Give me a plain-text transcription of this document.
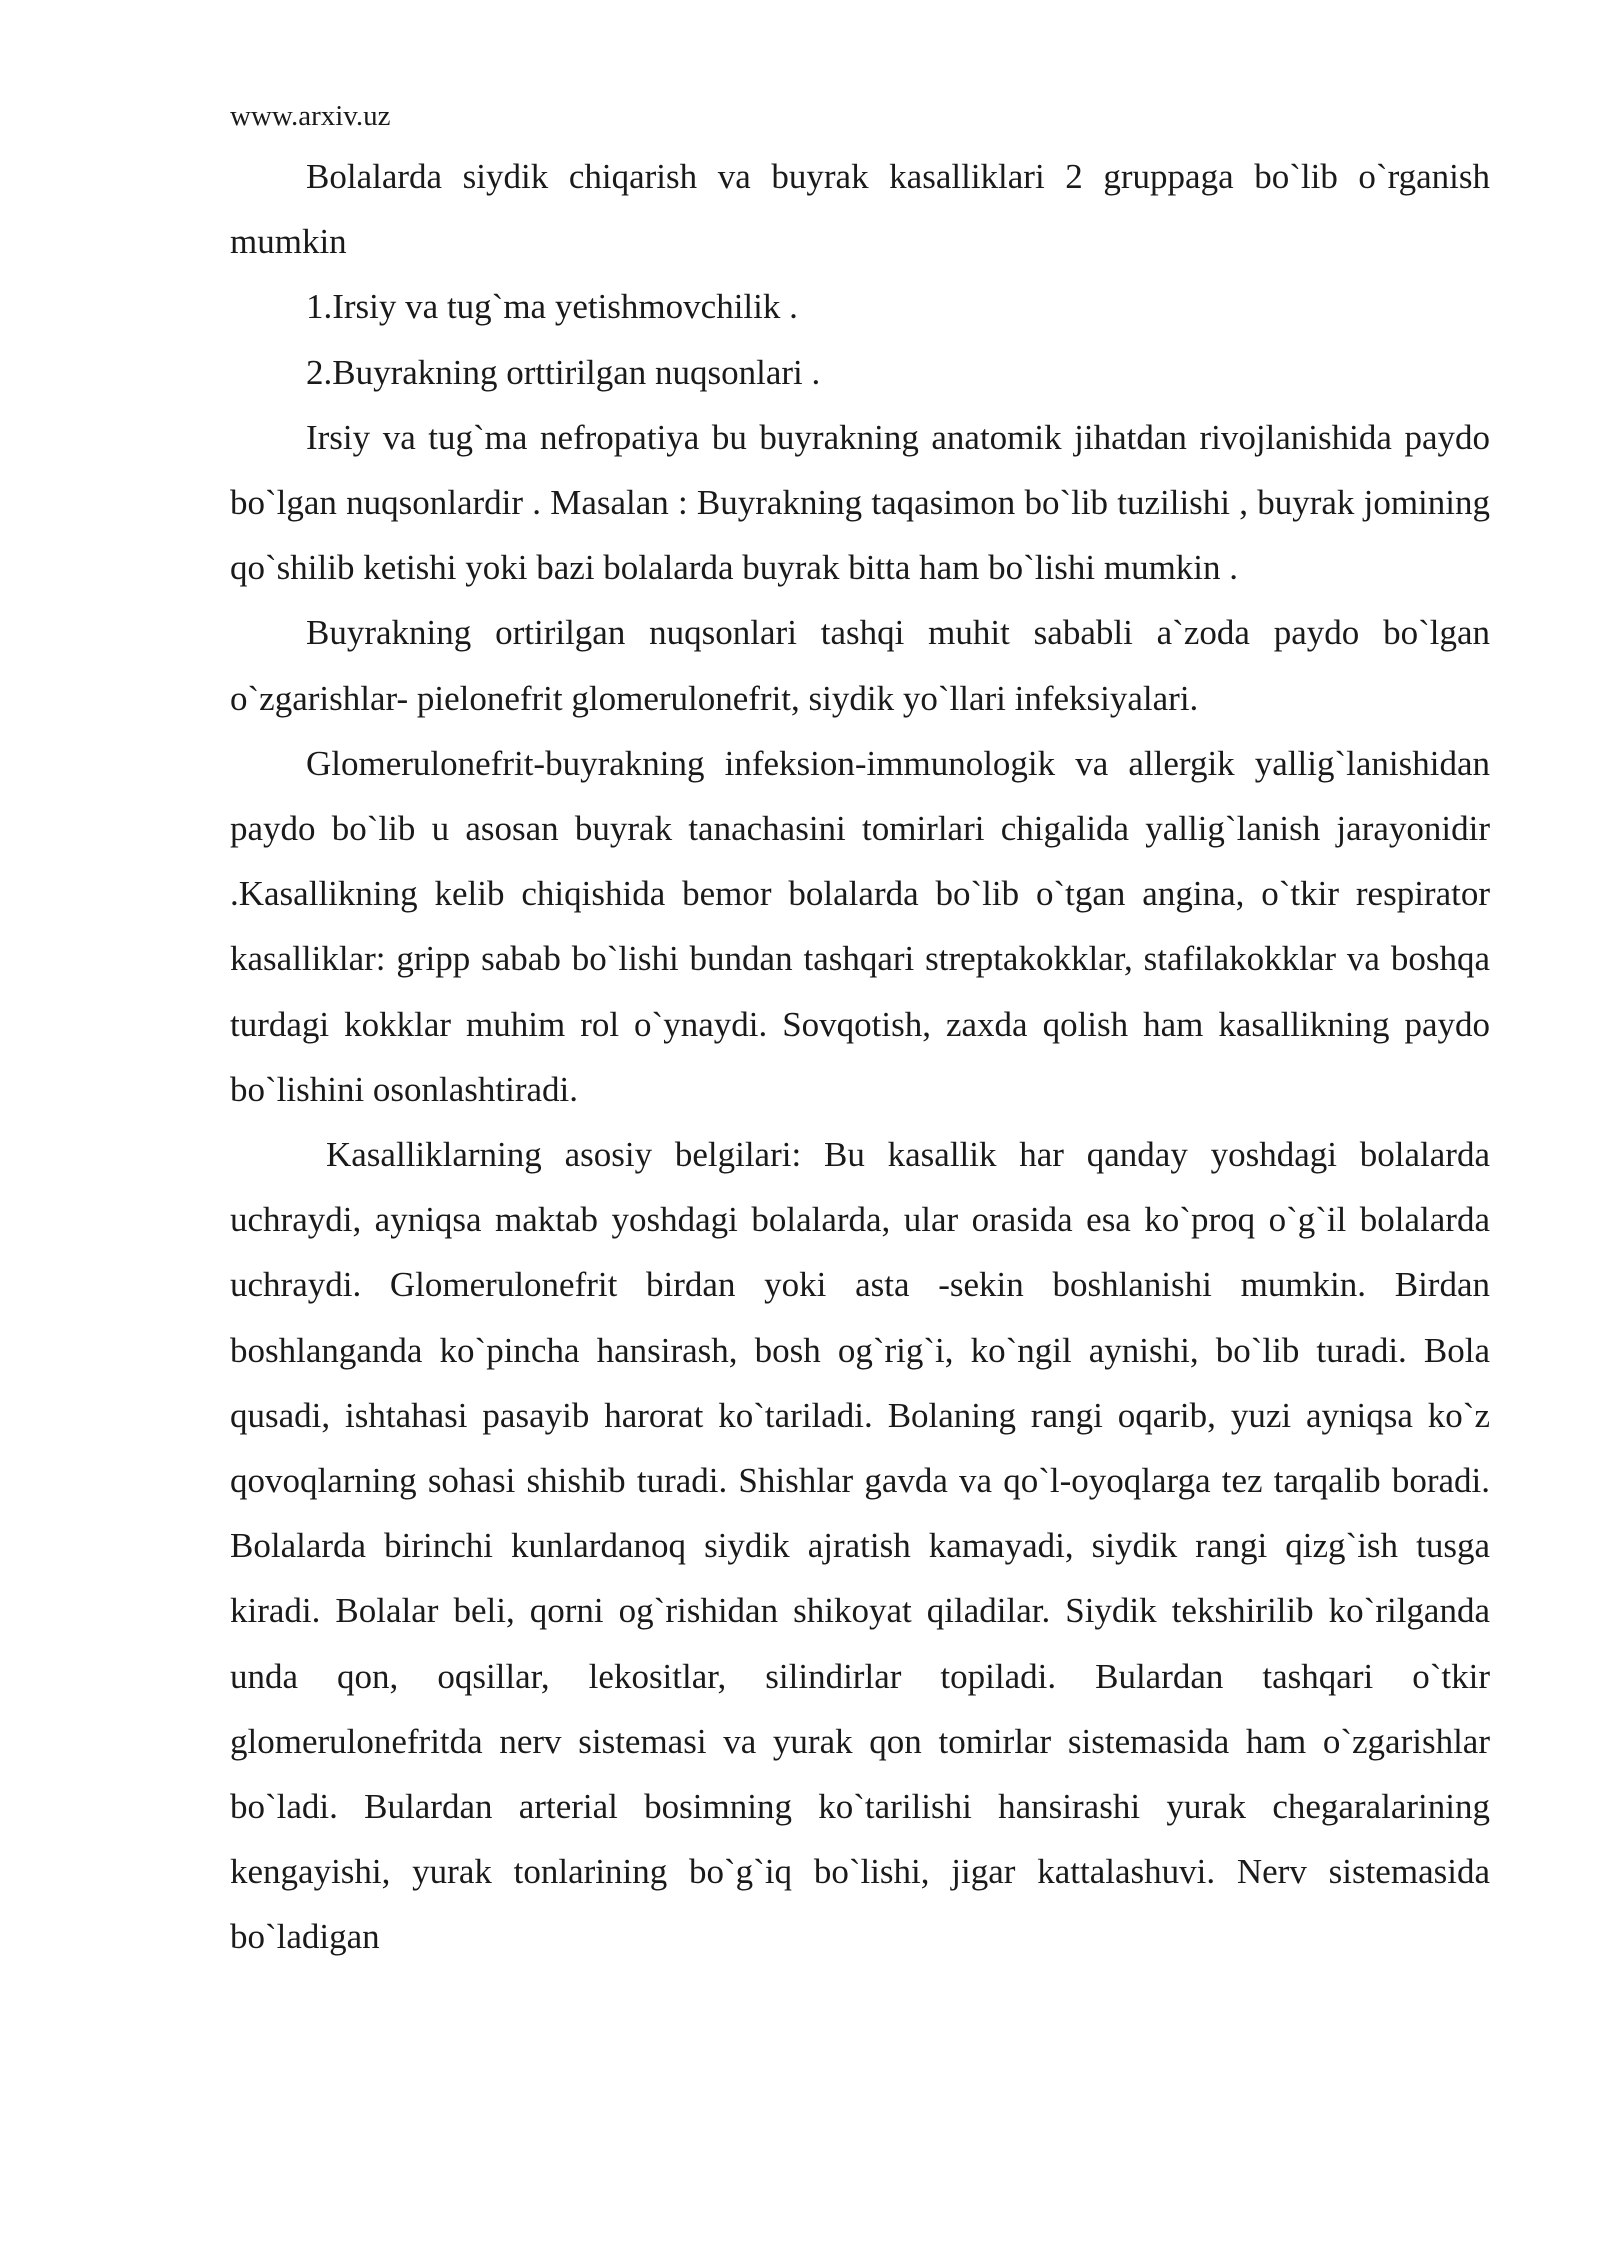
www.arxiv.uz

Bolalarda siydik chiqarish va buyrak kasalliklari 2 gruppaga bo`lib o`rganish mumkin

1.Irsiy va tug`ma yetishmovchilik .

2.Buyrakning orttirilgan nuqsonlari .

Irsiy va tug`ma nefropatiya bu buyrakning anatomik jihatdan rivojlanishida paydo bo`lgan nuqsonlardir . Masalan : Buyrakning taqasimon bo`lib tuzilishi , buyrak jomining qo`shilib ketishi yoki bazi bolalarda buyrak bitta ham bo`lishi mumkin .

Buyrakning ortirilgan nuqsonlari tashqi muhit sababli a`zoda paydo bo`lgan o`zgarishlar- pielonefrit glomerulonefrit, siydik yo`llari infeksiyalari.

Glomerulonefrit-buyrakning infeksion-immunologik va allergik yallig`lanishidan paydo bo`lib u asosan buyrak tanachasini tomirlari chigalida yallig`lanish jarayonidir .Kasallikning kelib chiqishida bemor bolalarda bo`lib o`tgan angina, o`tkir respirator kasalliklar: gripp sabab bo`lishi bundan tashqari streptakokklar, stafilakokklar va boshqa turdagi kokklar muhim rol o`ynaydi. Sovqotish, zaxda qolish ham kasallikning paydo bo`lishini osonlashtiradi.

Kasalliklarning asosiy belgilari: Bu kasallik har qanday yoshdagi bolalarda uchraydi, ayniqsa maktab yoshdagi bolalarda, ular orasida esa ko`proq o`g`il bolalarda uchraydi. Glomerulonefrit birdan yoki asta -sekin boshlanishi mumkin. Birdan boshlanganda ko`pincha hansirash, bosh og`rig`i, ko`ngil aynishi, bo`lib turadi. Bola qusadi, ishtahasi pasayib harorat ko`tariladi. Bolaning rangi oqarib, yuzi ayniqsa ko`z qovoqlarning sohasi shishib turadi. Shishlar gavda va qo`l-oyoqlarga tez tarqalib boradi. Bolalarda birinchi kunlardanoq siydik ajratish kamayadi, siydik rangi qizg`ish tusga kiradi. Bolalar beli, qorni og`rishidan shikoyat qiladilar. Siydik tekshirilib ko`rilganda unda qon, oqsillar, lekositlar, silindirlar topiladi. Bulardan tashqari o`tkir glomerulonefritda nerv sistemasi va yurak qon tomirlar sistemasida ham o`zgarishlar bo`ladi. Bulardan arterial bosimning ko`tarilishi hansirashi yurak chegaralarining kengayishi, yurak tonlarining bo`g`iq bo`lishi, jigar kattalashuvi. Nerv sistemasida bo`ladigan
